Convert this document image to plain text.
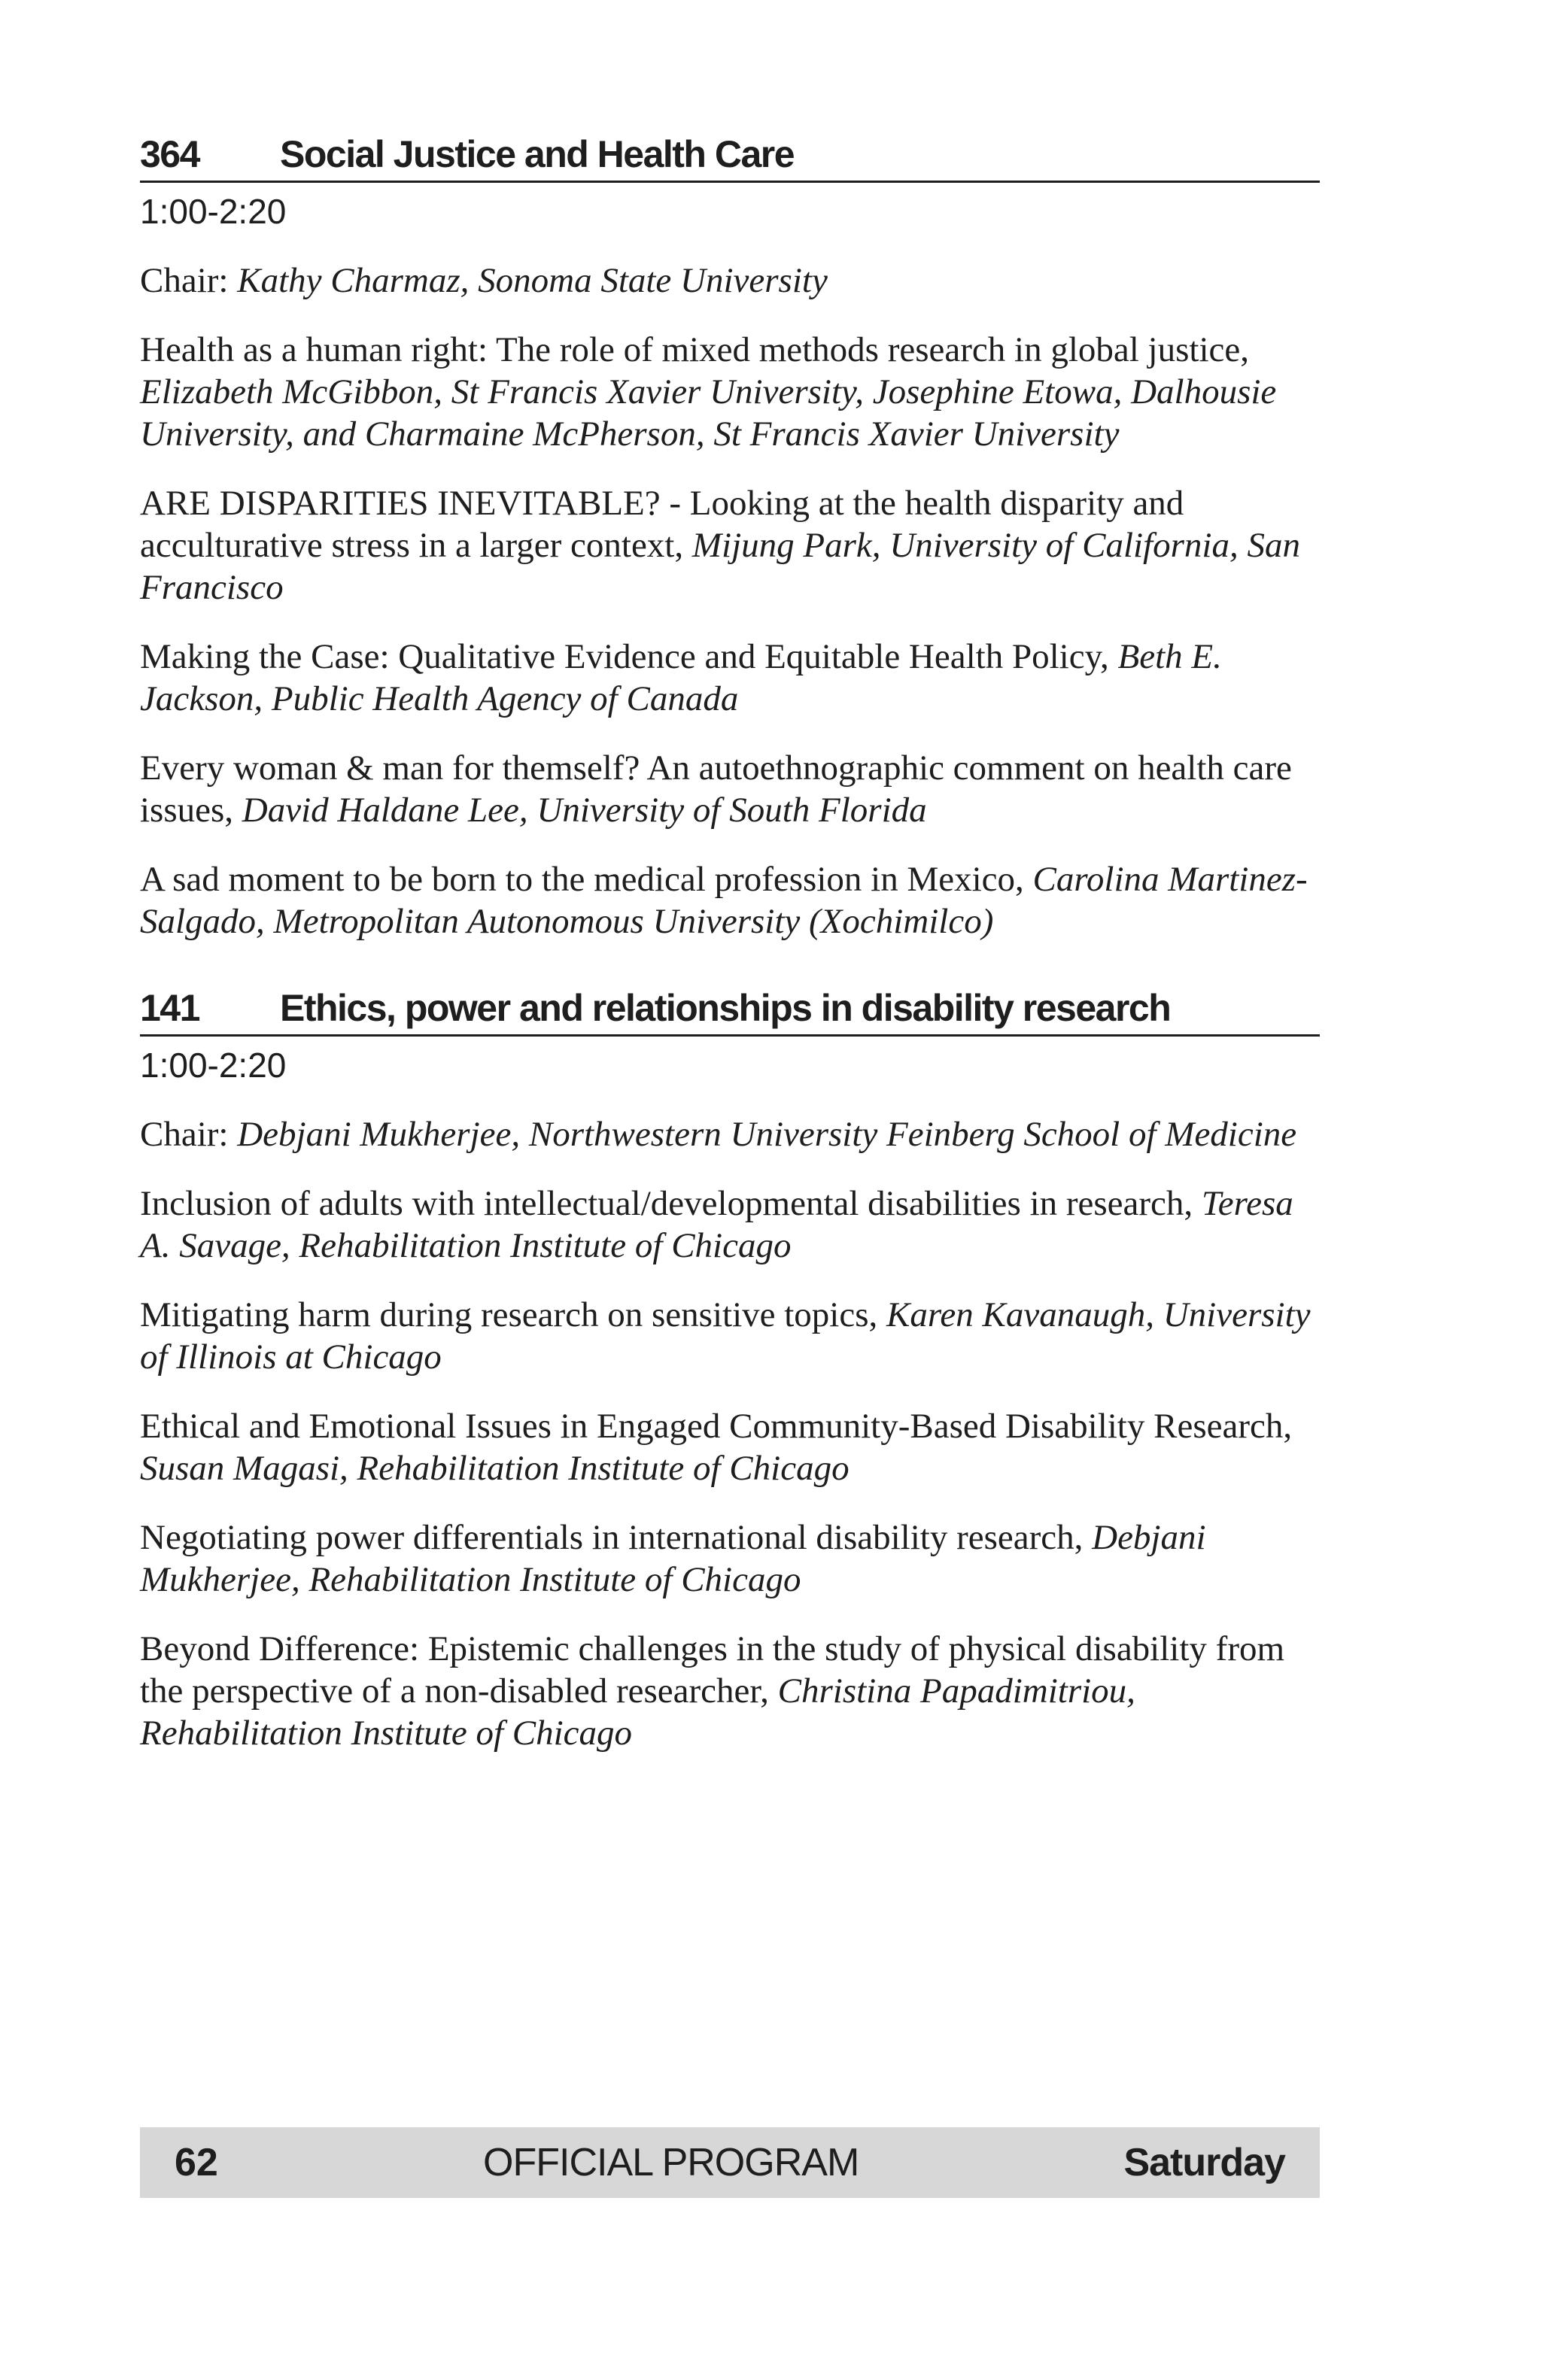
364	Social Justice and Health Care
1:00-2:20

Chair: Kathy Charmaz, Sonoma State University

Health as a human right: The role of mixed methods research in global justice, Elizabeth McGibbon, St Francis Xavier University, Josephine Etowa, Dalhousie University, and Charmaine McPherson, St Francis Xavier University

ARE DISPARITIES INEVITABLE? - Looking at the health disparity and acculturative stress in a larger context, Mijung Park, University of California, San Francisco

Making the Case: Qualitative Evidence and Equitable Health Policy, Beth E. Jackson, Public Health Agency of Canada

Every woman & man for themself? An autoethnographic comment on health care issues, David Haldane Lee, University of South Florida

A sad moment to be born to the medical profession in Mexico, Carolina Martinez-Salgado, Metropolitan Autonomous University (Xochimilco)

141	Ethics, power and relationships in disability research
1:00-2:20

Chair: Debjani Mukherjee, Northwestern University Feinberg School of Medicine

Inclusion of adults with intellectual/developmental disabilities in research, Teresa A. Savage, Rehabilitation Institute of Chicago

Mitigating harm during research on sensitive topics, Karen Kavanaugh, University of Illinois at Chicago

Ethical and Emotional Issues in Engaged Community-Based Disability Research, Susan Magasi, Rehabilitation Institute of Chicago

Negotiating power differentials in international disability research, Debjani Mukherjee, Rehabilitation Institute of Chicago

Beyond Difference: Epistemic challenges in the study of physical disability from the perspective of a non-disabled researcher, Christina Papadimitriou, Rehabilitation Institute of Chicago

62	OFFICIAL PROGRAM	Saturday
